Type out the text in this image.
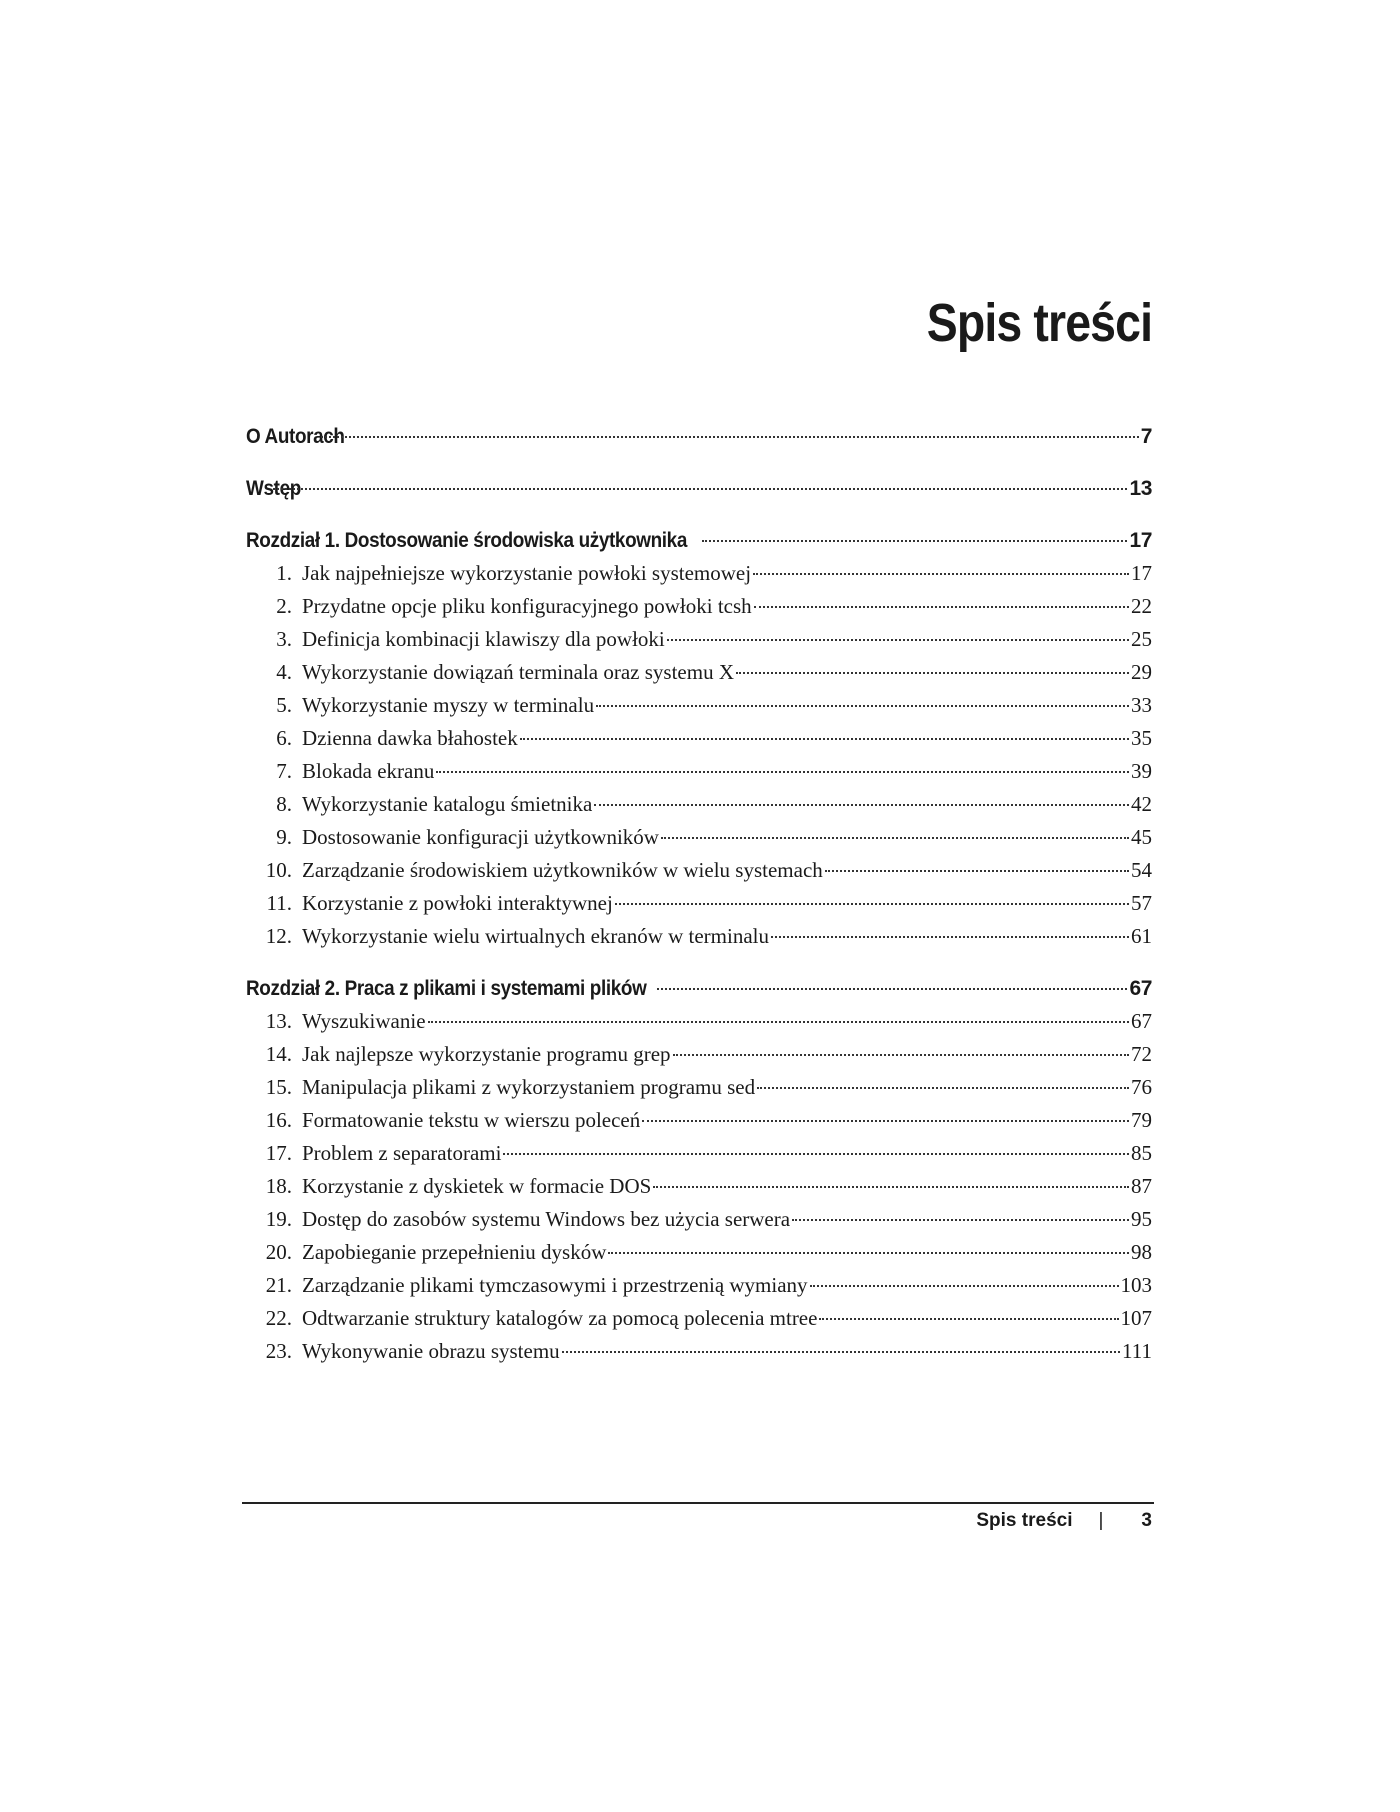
Spis treści
O Autorach	7
Wstęp	13
Rozdział 1. Dostosowanie środowiska użytkownika	17
1. Jak najpełniejsze wykorzystanie powłoki systemowej	17
2. Przydatne opcje pliku konfiguracyjnego powłoki tcsh	22
3. Definicja kombinacji klawiszy dla powłoki	25
4. Wykorzystanie dowiązań terminala oraz systemu X	29
5. Wykorzystanie myszy w terminalu	33
6. Dzienna dawka błahostek	35
7. Blokada ekranu	39
8. Wykorzystanie katalogu śmietnika	42
9. Dostosowanie konfiguracji użytkowników	45
10. Zarządzanie środowiskiem użytkowników w wielu systemach	54
11. Korzystanie z powłoki interaktywnej	57
12. Wykorzystanie wielu wirtualnych ekranów w terminalu	61
Rozdział 2. Praca z plikami i systemami plików	67
13. Wyszukiwanie	67
14. Jak najlepsze wykorzystanie programu grep	72
15. Manipulacja plikami z wykorzystaniem programu sed	76
16. Formatowanie tekstu w wierszu poleceń	79
17. Problem z separatorami	85
18. Korzystanie z dyskietek w formacie DOS	87
19. Dostęp do zasobów systemu Windows bez użycia serwera	95
20. Zapobieganie przepełnieniu dysków	98
21. Zarządzanie plikami tymczasowymi i przestrzenią wymiany	103
22. Odtwarzanie struktury katalogów za pomocą polecenia mtree	107
23. Wykonywanie obrazu systemu	111
Spis treści | 3
